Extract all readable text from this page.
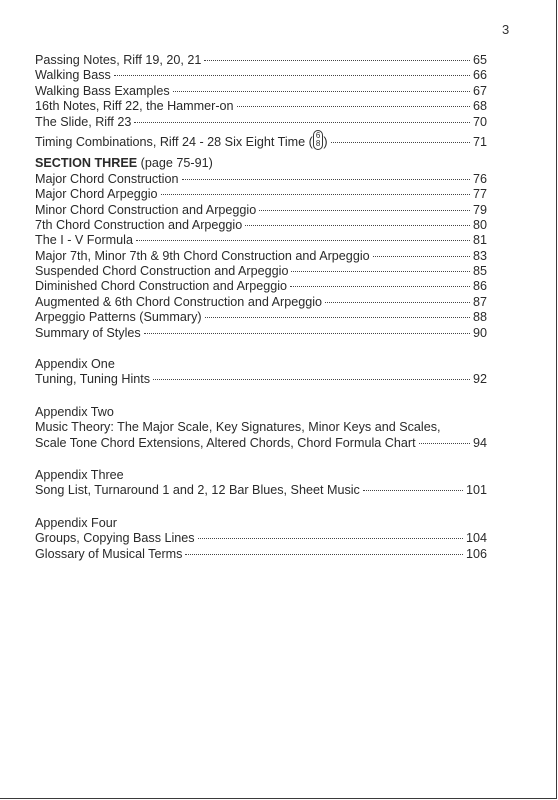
3
Passing Notes, Riff 19, 20, 21	65
Walking Bass	66
Walking Bass Examples	67
16th Notes, Riff 22, the Hammer-on	68
The Slide, Riff 23	70
Timing Combinations, Riff 24 - 28 Six Eight Time ( 6
8 )	71
SECTION THREE (page 75-91)
Major Chord Construction	76
Major Chord Arpeggio	77
Minor Chord Construction and Arpeggio	79
7th Chord Construction and Arpeggio	80
The I - V Formula	81
Major 7th, Minor 7th & 9th Chord Construction and Arpeggio	83
Suspended Chord Construction and Arpeggio	85
Diminished Chord Construction and Arpeggio	86
Augmented & 6th Chord Construction and Arpeggio	87
Arpeggio Patterns (Summary)	88
Summary of Styles	90
Appendix One
Tuning, Tuning Hints	92
Appendix Two
Music Theory: The Major Scale, Key Signatures, Minor Keys and Scales,
Scale Tone Chord Extensions, Altered Chords, Chord Formula Chart	94
Appendix Three
Song List, Turnaround 1 and 2, 12 Bar Blues, Sheet Music	101
Appendix Four
Groups, Copying Bass Lines	104
Glossary of Musical Terms	106
